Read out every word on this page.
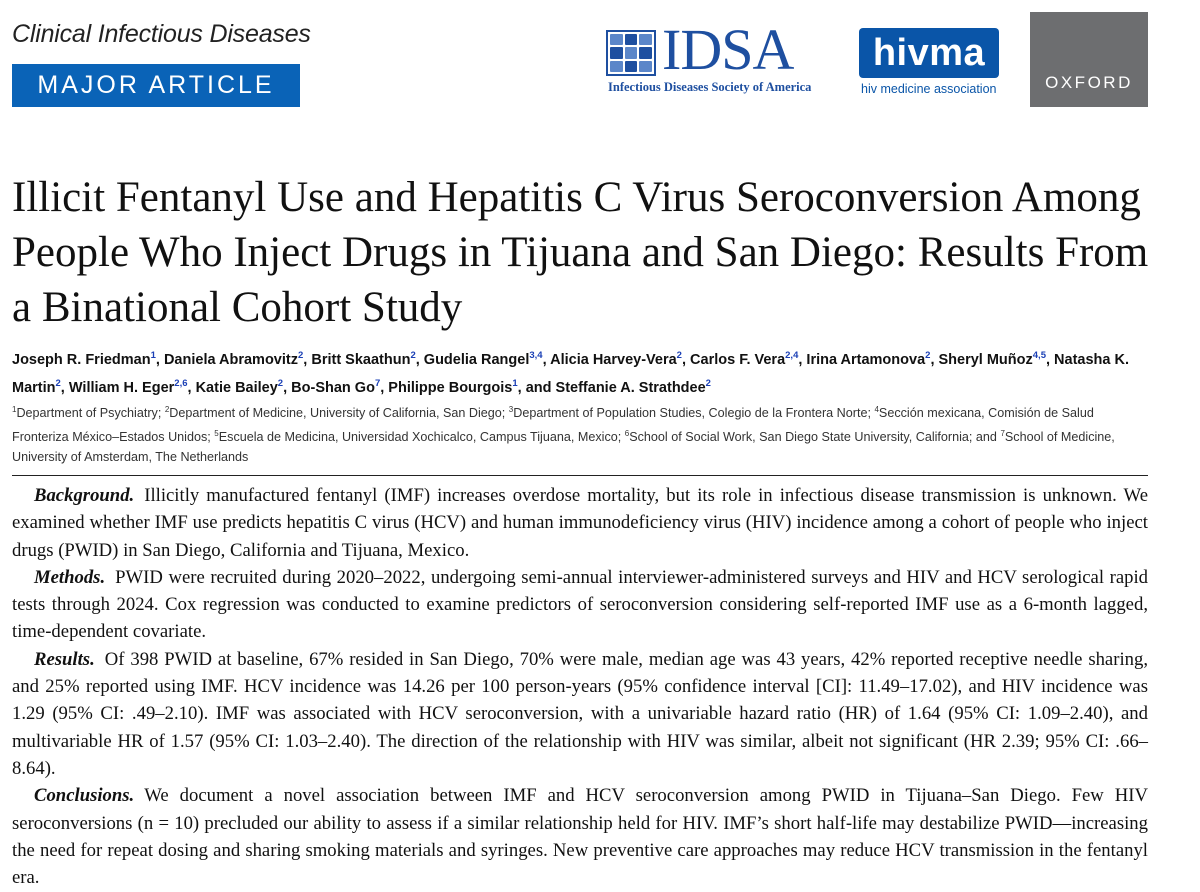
Clinical Infectious Diseases
MAJOR ARTICLE
IDSA
Infectious Diseases Society of America
hivma
hiv medicine association	OXFORD
Illicit Fentanyl Use and Hepatitis C Virus Seroconversion Among People Who Inject Drugs in Tijuana and San Diego: Results From a Binational Cohort Study
Joseph R. Friedman$^1$, Daniela Abramovitz$^2$, Britt Skaathun$^2$, Gudelia Rangel$^{3,4}$, Alicia Harvey-Vera$^2$, Carlos F. Vera$^{2,4}$, Irina Artamonova$^2$, Sheryl Muñoz$^{4,5}$, Natasha K. Martin$^2$, William H. Eger$^{2,6}$, Katie Bailey$^2$, Bo-Shan Go$^7$, Philippe Bourgois$^1$, and Steffanie A. Strathdee$^2$
$^1$Department of Psychiatry; $^2$Department of Medicine, University of California, San Diego; $^3$Department of Population Studies, Colegio de la Frontera Norte; $^4$Sección mexicana, Comisión de Salud Fronteriza México–Estados Unidos; $^5$Escuela de Medicina, Universidad Xochicalco, Campus Tijuana, Mexico; $^6$School of Social Work, San Diego State University, California; and $^7$School of Medicine, University of Amsterdam, The Netherlands

Background. Illicitly manufactured fentanyl (IMF) increases overdose mortality, but its role in infectious disease transmission is unknown. We examined whether IMF use predicts hepatitis C virus (HCV) and human immunodeficiency virus (HIV) incidence among a cohort of people who inject drugs (PWID) in San Diego, California and Tijuana, Mexico.

Methods. PWID were recruited during 2020–2022, undergoing semi-annual interviewer-administered surveys and HIV and HCV serological rapid tests through 2024. Cox regression was conducted to examine predictors of seroconversion considering self-reported IMF use as a 6-month lagged, time-dependent covariate.

Results. Of 398 PWID at baseline, 67% resided in San Diego, 70% were male, median age was 43 years, 42% reported receptive needle sharing, and 25% reported using IMF. HCV incidence was 14.26 per 100 person-years (95% confidence interval [CI]: 11.49–17.02), and HIV incidence was 1.29 (95% CI: .49–2.10). IMF was associated with HCV seroconversion, with a univariable hazard ratio (HR) of 1.64 (95% CI: 1.09–2.40), and multivariable HR of 1.57 (95% CI: 1.03–2.40). The direction of the relationship with HIV was similar, albeit not significant (HR 2.39; 95% CI: .66–8.64).

Conclusions. We document a novel association between IMF and HCV seroconversion among PWID in Tijuana–San Diego. Few HIV seroconversions (n = 10) precluded our ability to assess if a similar relationship held for HIV. IMF’s short half-life may destabilize PWID—increasing the need for repeat dosing and sharing smoking materials and syringes. New preventive care approaches may reduce HCV transmission in the fentanyl era.
